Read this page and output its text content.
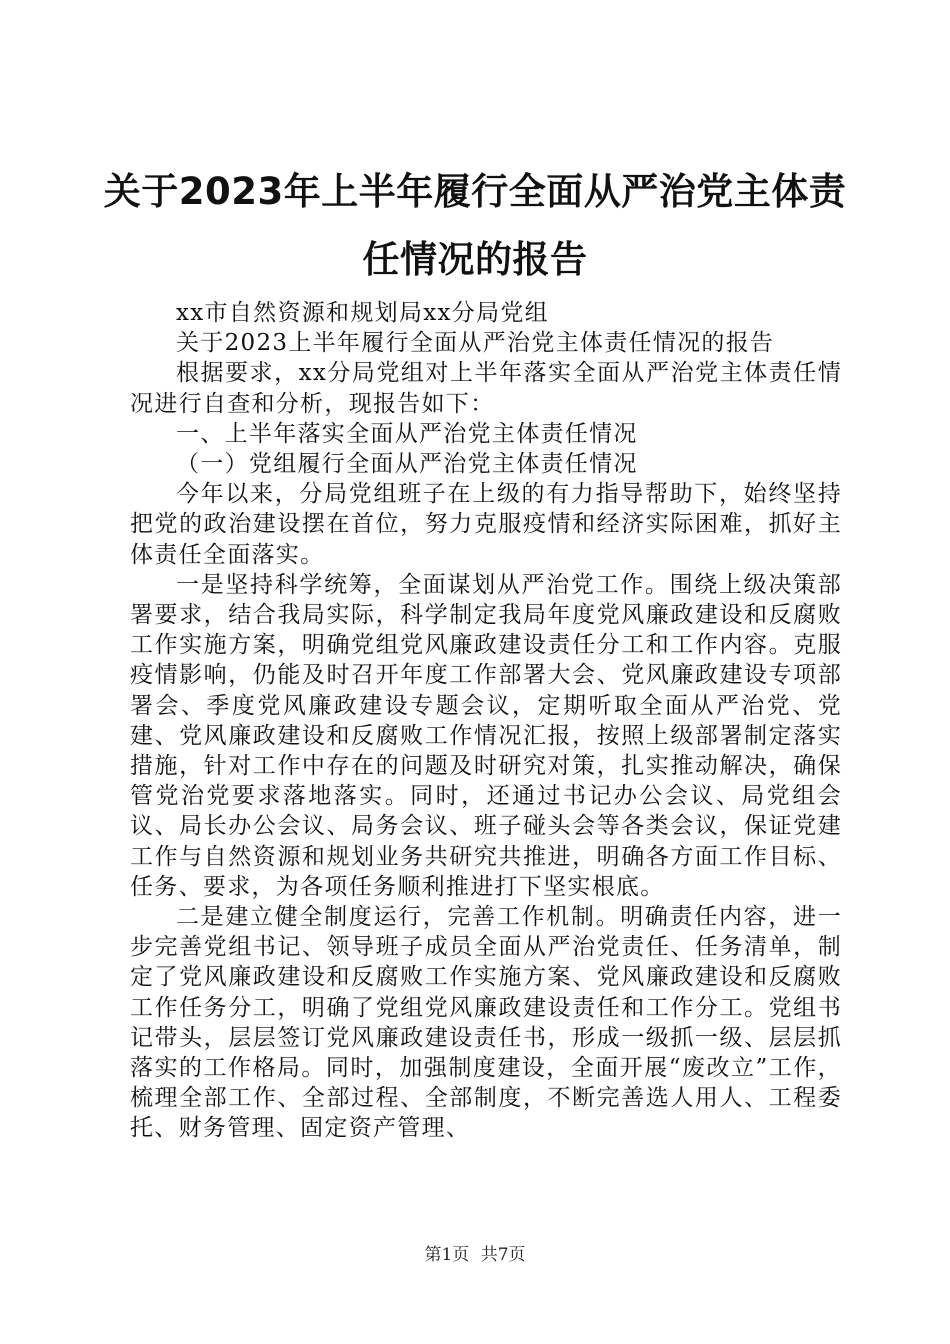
关于2023年上半年履行全面从严治党主体责任情况的报告

xx市自然资源和规划局xx分局党组

关于2023上半年履行全面从严治党主体责任情况的报告

根据要求，xx分局党组对上半年落实全面从严治党主体责任情况进行自查和分析，现报告如下：

一、上半年落实全面从严治党主体责任情况

（一）党组履行全面从严治党主体责任情况

今年以来，分局党组班子在上级的有力指导帮助下，始终坚持把党的政治建设摆在首位，努力克服疫情和经济实际困难，抓好主体责任全面落实。

一是坚持科学统筹，全面谋划从严治党工作。围绕上级决策部署要求，结合我局实际，科学制定我局年度党风廉政建设和反腐败工作实施方案，明确党组党风廉政建设责任分工和工作内容。克服疫情影响，仍能及时召开年度工作部署大会、党风廉政建设专项部署会、季度党风廉政建设专题会议，定期听取全面从严治党、党建、党风廉政建设和反腐败工作情况汇报，按照上级部署制定落实措施，针对工作中存在的问题及时研究对策，扎实推动解决，确保管党治党要求落地落实。同时，还通过书记办公会议、局党组会议、局长办公会议、局务会议、班子碰头会等各类会议，保证党建工作与自然资源和规划业务共研究共推进，明确各方面工作目标、任务、要求，为各项任务顺利推进打下坚实根底。

二是建立健全制度运行，完善工作机制。明确责任内容，进一步完善党组书记、领导班子成员全面从严治党责任、任务清单，制定了党风廉政建设和反腐败工作实施方案、党风廉政建设和反腐败工作任务分工，明确了党组党风廉政建设责任和工作分工。党组书记带头，层层签订党风廉政建设责任书，形成一级抓一级、层层抓落实的工作格局。同时，加强制度建设，全面开展“废改立”工作，梳理全部工作、全部过程、全部制度，不断完善选人用人、工程委托、财务管理、固定资产管理、

第1页 共7页
